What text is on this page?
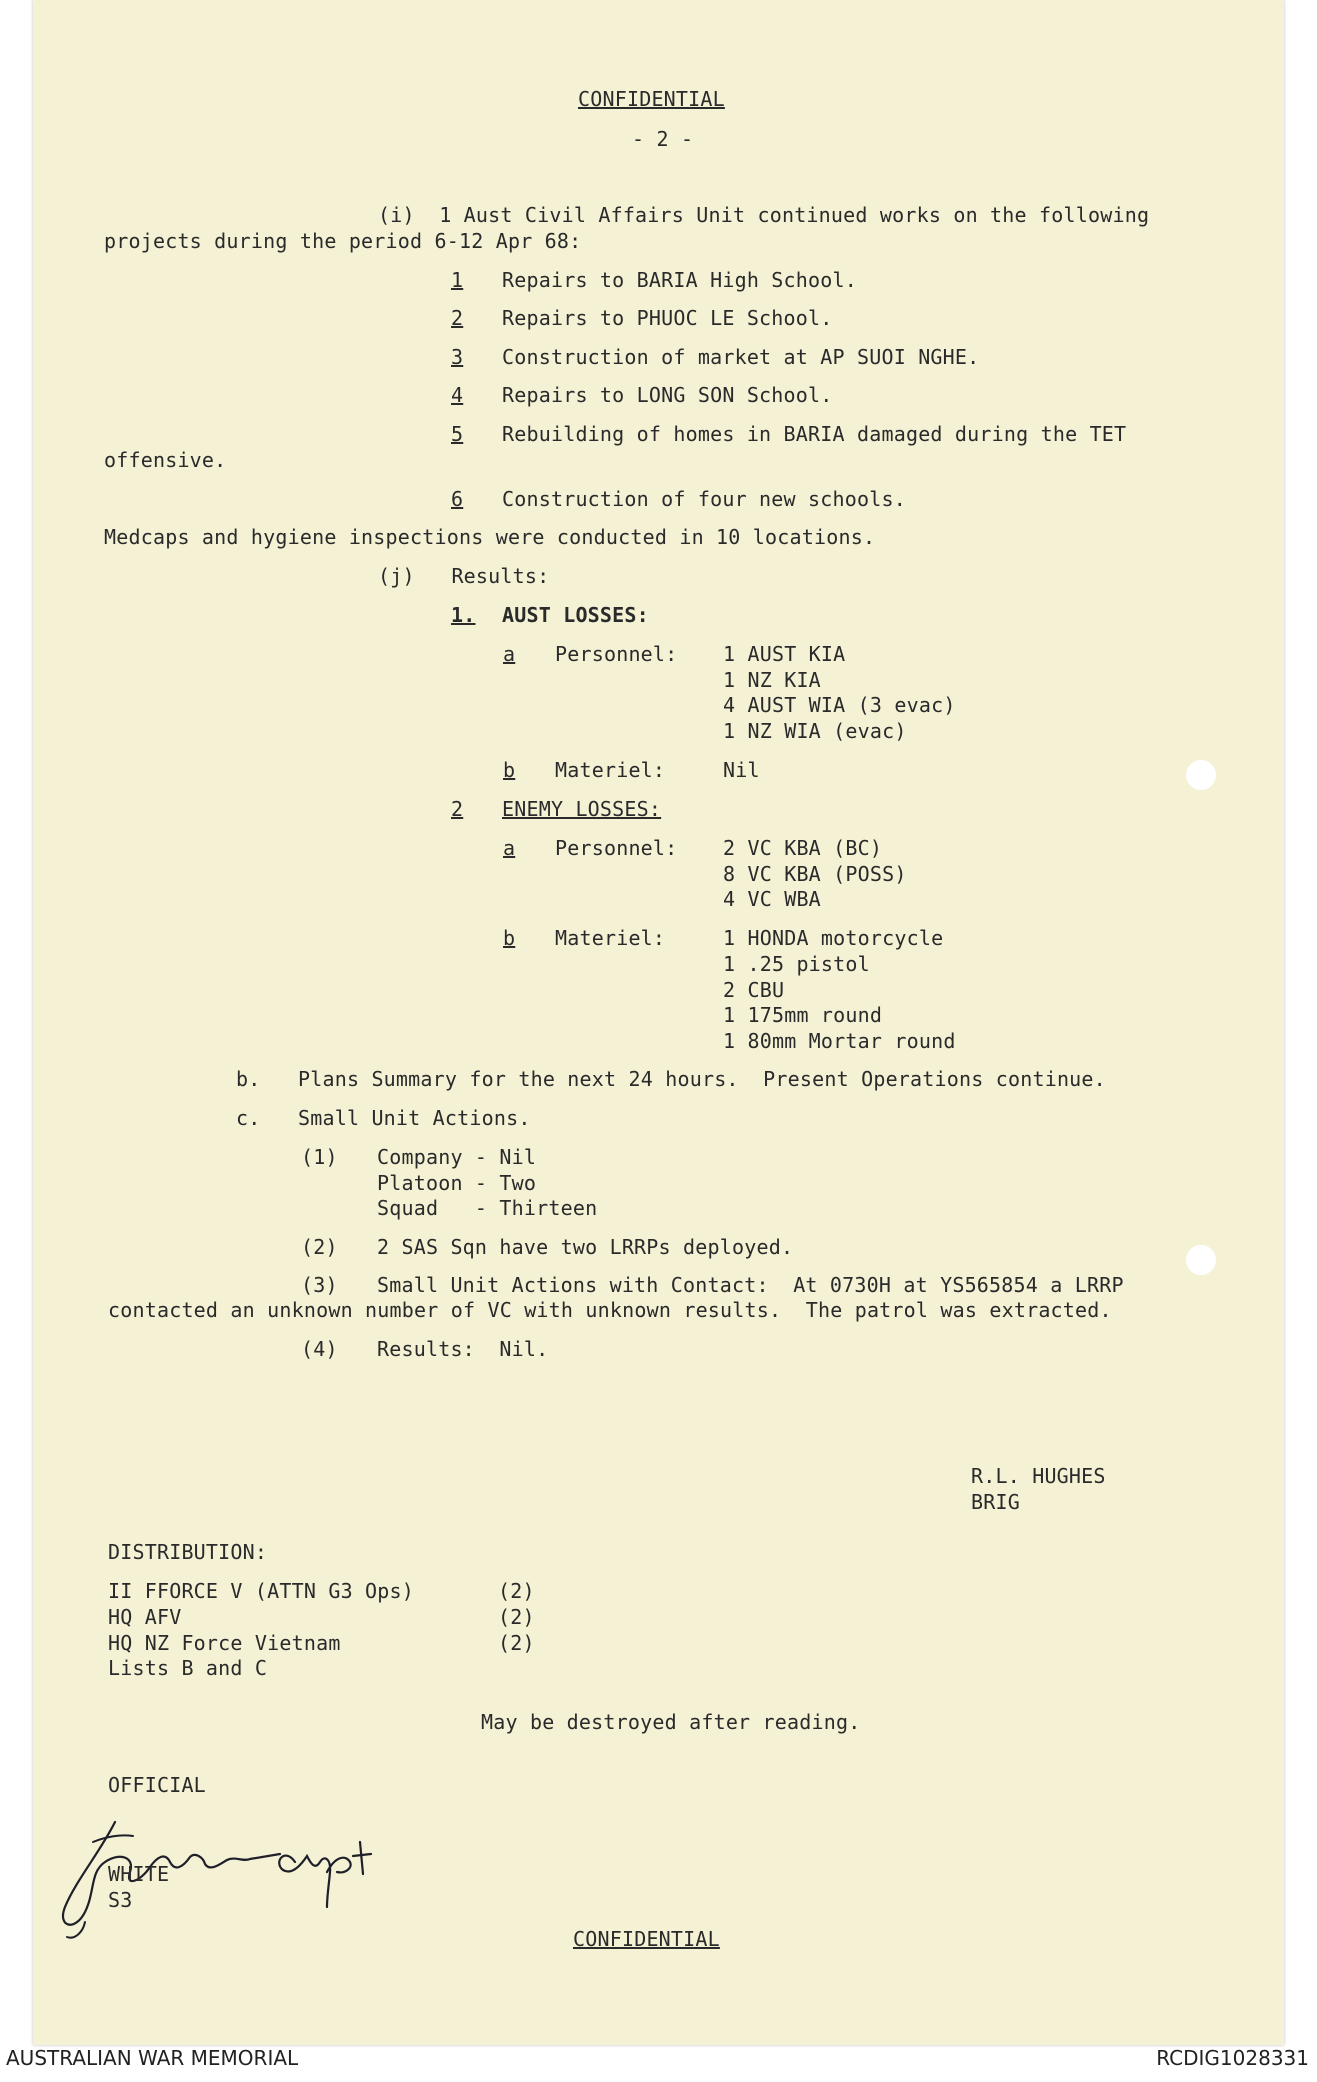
CONFIDENTIAL
- 2 -
(i)  1 Aust Civil Affairs Unit continued works on the following
projects during the period 6-12 Apr 68:
1 Repairs to BARIA High School.
2 Repairs to PHUOC LE School.
3 Construction of market at AP SUOI NGHE.
4 Repairs to LONG SON School.
5 Rebuilding of homes in BARIA damaged during the TET
offensive.
6 Construction of four new schools.
Medcaps and hygiene inspections were conducted in 10 locations.
(j)   Results:
1. AUST LOSSES:
a Personnel: 1 AUST KIA
1 NZ KIA
4 AUST WIA (3 evac)
1 NZ WIA (evac)
b Materiel:	Nil
2 ENEMY LOSSES:
a Personnel: 2 VC KBA (BC)
8 VC KBA (POSS)
4 VC WBA
b Materiel:	1 HONDA motorcycle
1 .25 pistol
2 CBU
1 175mm round
1 80mm Mortar round
b. Plans Summary for the next 24 hours.  Present Operations continue.
c. Small Unit Actions.
(1) Company - Nil
Platoon - Two
Squad   - Thirteen
(2) 2 SAS Sqn have two LRRPs deployed.
(3) Small Unit Actions with Contact:  At 0730H at YS565854 a LRRP
contacted an unknown number of VC with unknown results.  The patrol was extracted.
(4) Results:  Nil.
R.L. HUGHES
BRIG
DISTRIBUTION:
II FFORCE V (ATTN G3 Ops)	(2)
HQ AFV	(2)
HQ NZ Force Vietnam	(2)
Lists B and C
May be destroyed after reading.
OFFICIAL
WHITE
S3
CONFIDENTIAL
AUSTRALIAN WAR MEMORIAL	RCDIG1028331
